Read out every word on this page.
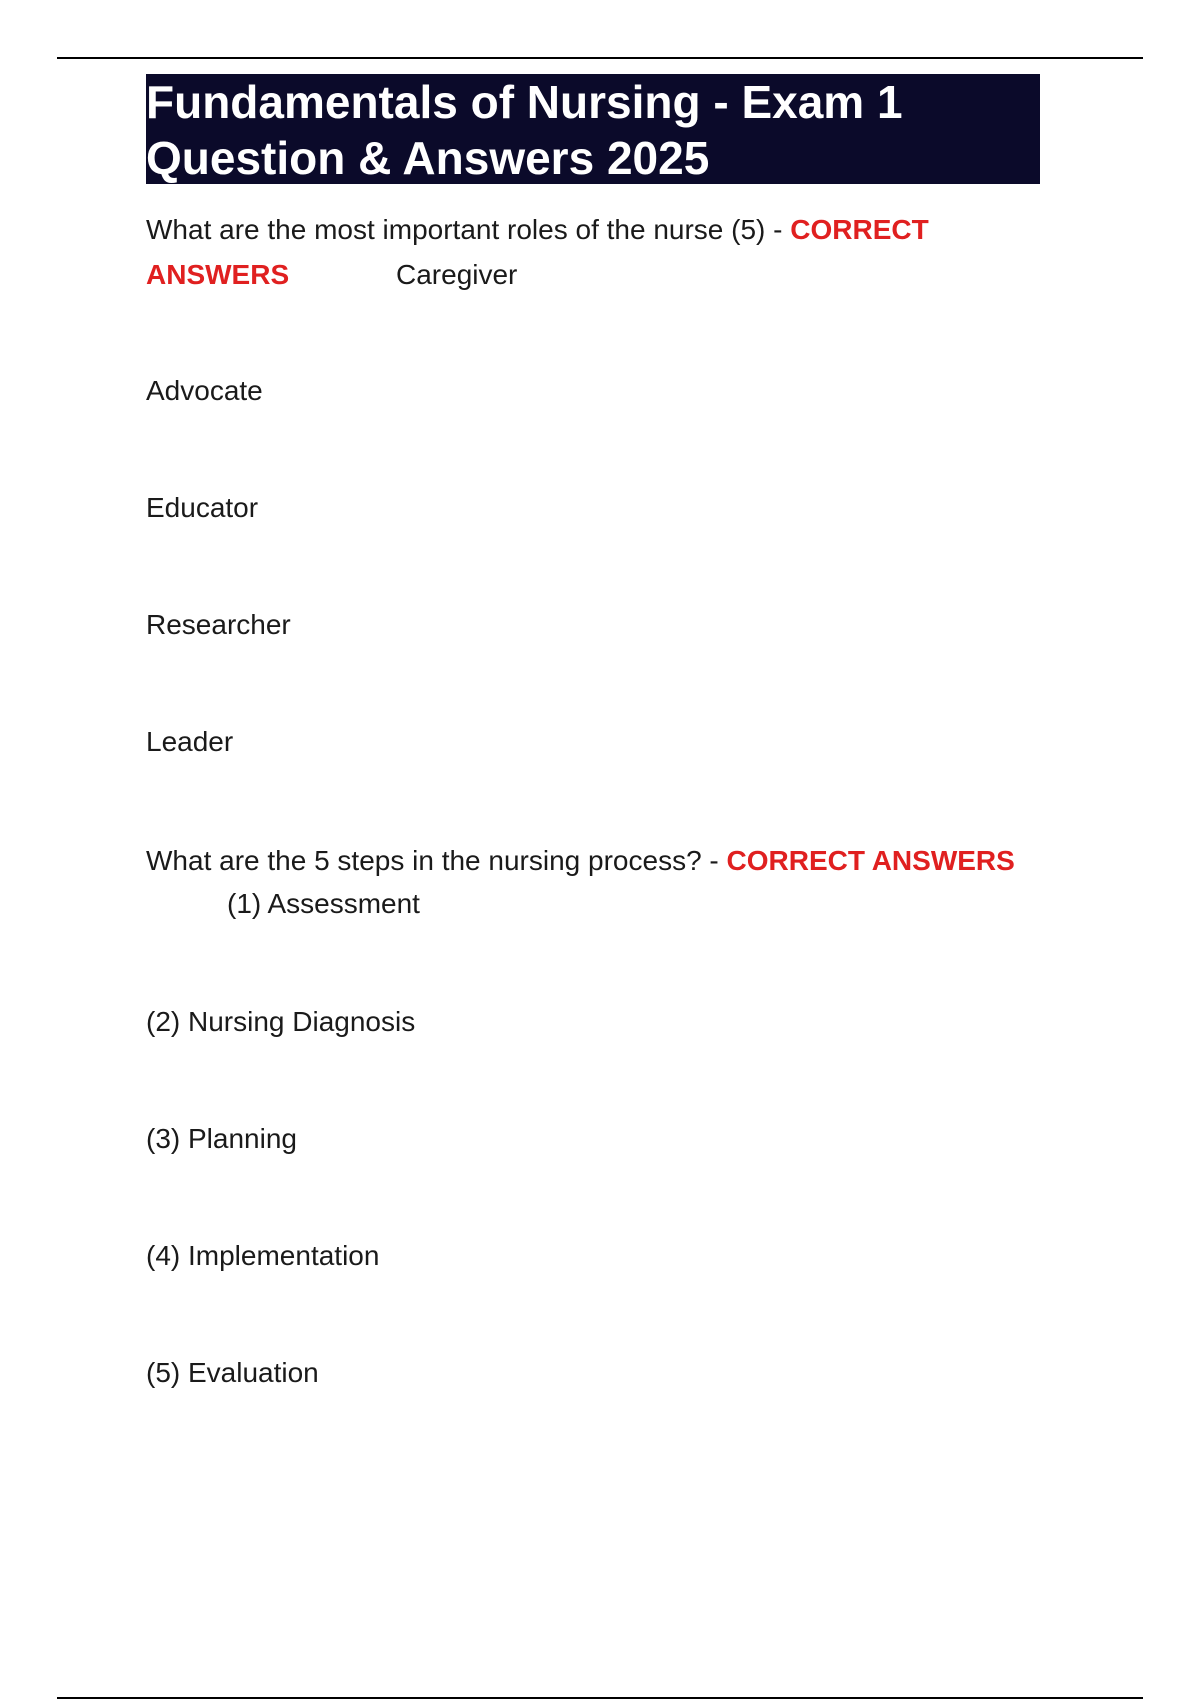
Fundamentals of Nursing - Exam 1
Question & Answers 2025
What are the most important roles of the nurse (5) - CORRECT
ANSWERS	Caregiver
Advocate
Educator
Researcher
Leader
What are the 5 steps in the nursing process? - CORRECT ANSWERS
(1) Assessment
(2) Nursing Diagnosis
(3) Planning
(4) Implementation
(5) Evaluation
